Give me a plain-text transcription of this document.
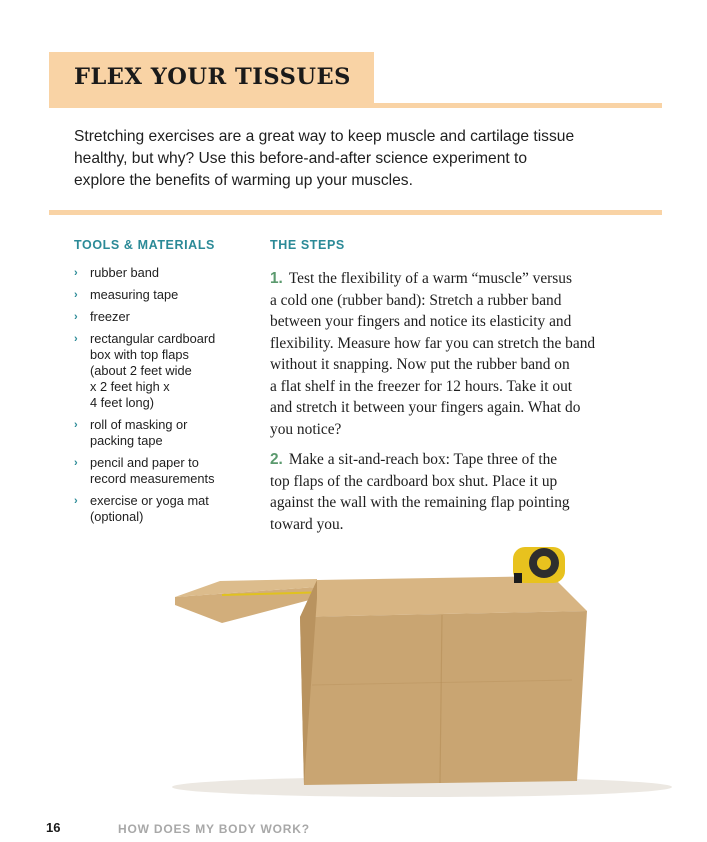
FLEX YOUR TISSUES
Stretching exercises are a great way to keep muscle and cartilage tissue
healthy, but why? Use this before-and-after science experiment to
explore the benefits of warming up your muscles.
TOOLS & MATERIALS
› rubber band
› measuring tape
› freezer
› rectangular cardboard
box with top flaps
(about 2 feet wide
x 2 feet high x
4 feet long)
› roll of masking or
packing tape
› pencil and paper to
record measurements
› exercise or yoga mat
(optional)
THE STEPS
1. Test the flexibility of a warm “muscle” versus
a cold one (rubber band): Stretch a rubber band
between your fingers and notice its elasticity and
flexibility. Measure how far you can stretch the band
without it snapping. Now put the rubber band on
a flat shelf in the freezer for 12 hours. Take it out
and stretch it between your fingers again. What do
you notice?
2. Make a sit-and-reach box: Tape three of the
top flaps of the cardboard box shut. Place it up
against the wall with the remaining flap pointing
toward you.
16	HOW DOES MY BODY WORK?
